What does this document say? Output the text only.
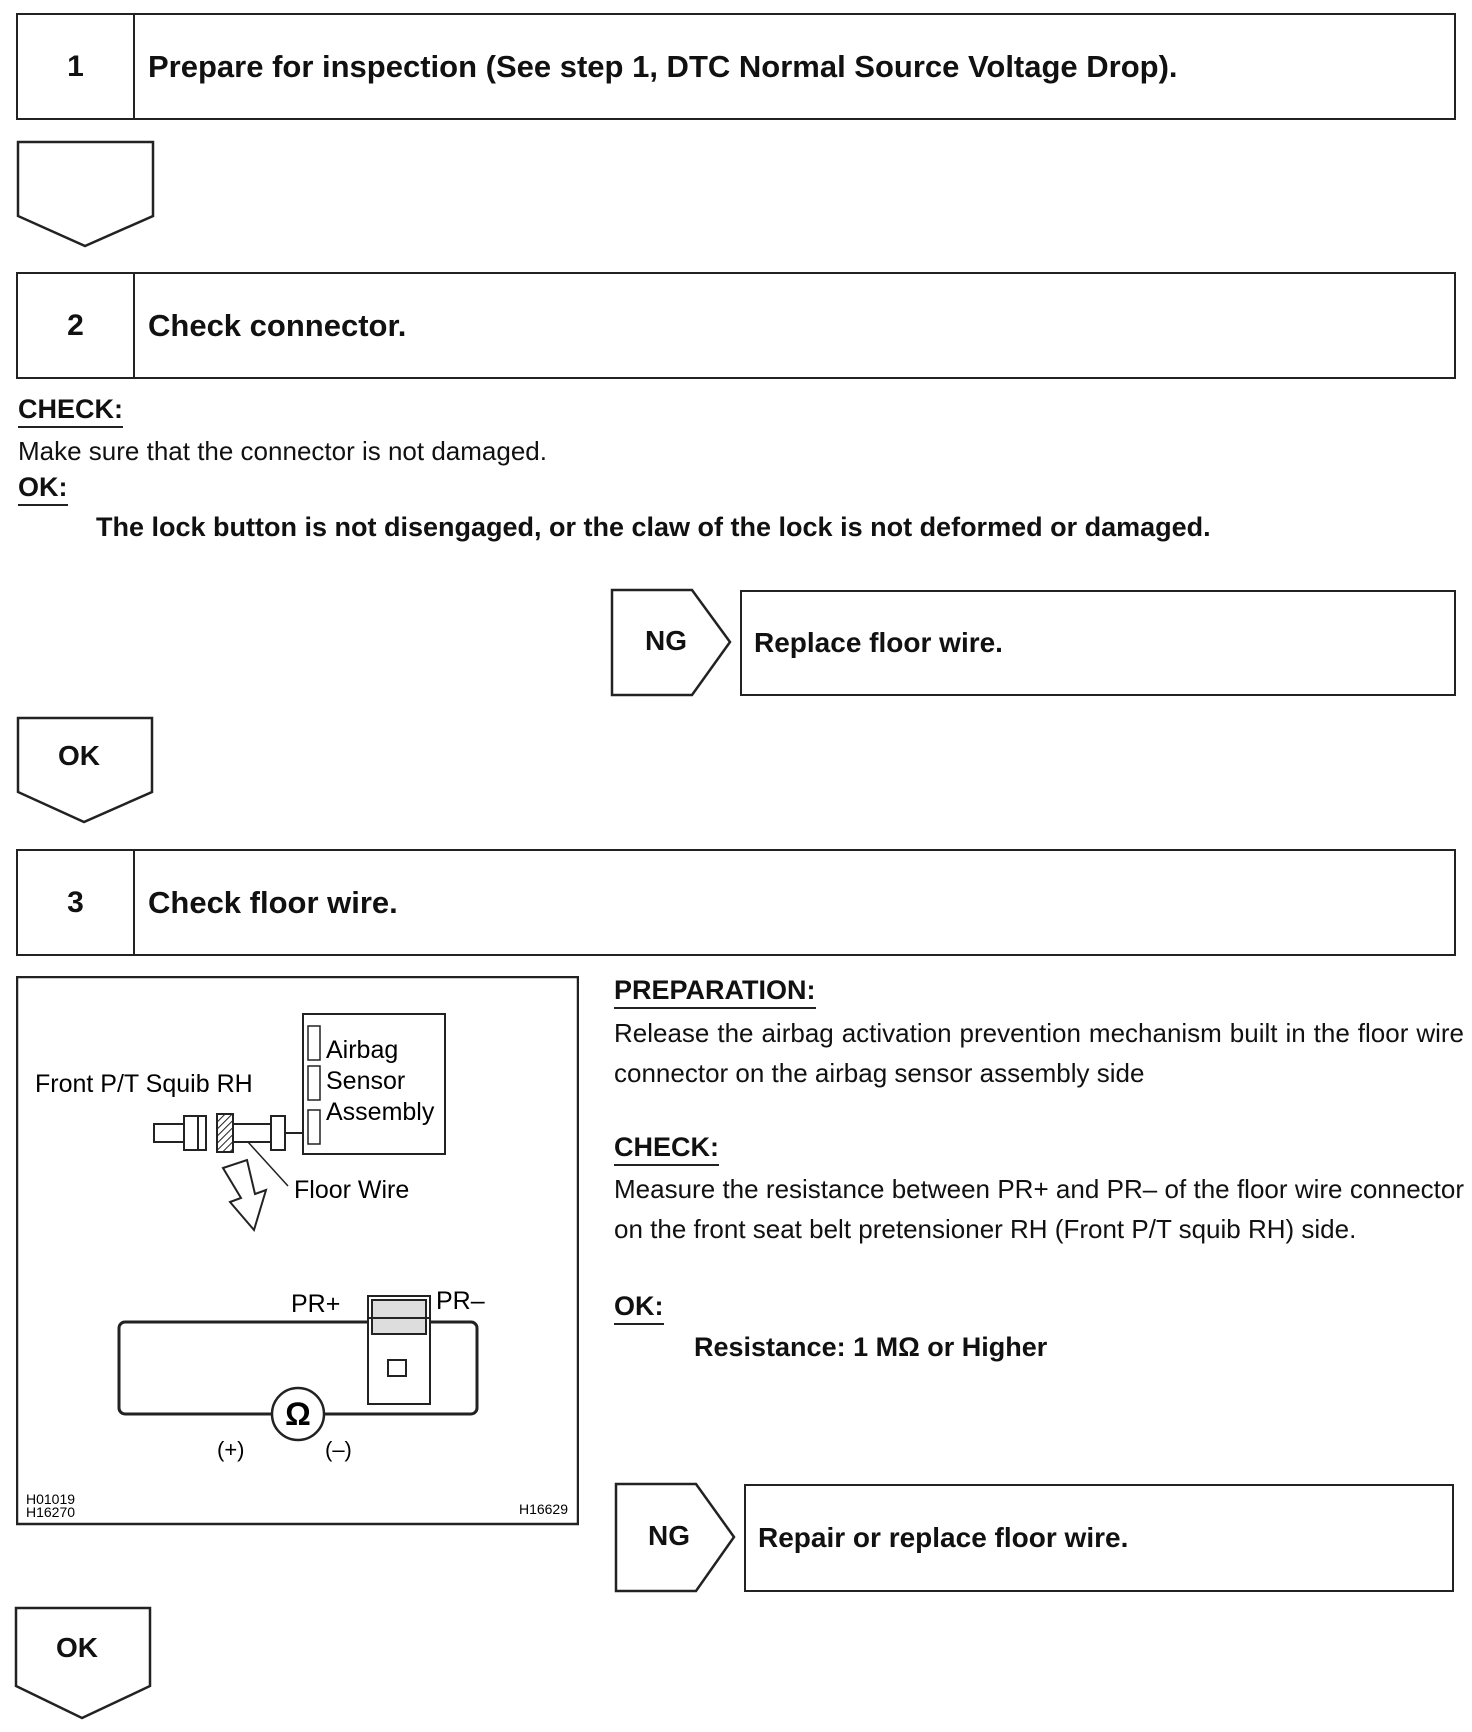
1	Prepare for inspection (See step 1, DTC Normal Source Voltage Drop).
2	Check connector.
CHECK:
Make sure that the connector is not damaged.
OK:
The lock button is not disengaged, or the claw of the lock is not deformed or damaged.
NG	Replace floor wire.
OK
3	Check floor wire.
Airbag
Sensor
Assembly
Front P/T Squib RH
Floor Wire
PR+	PR–
Ω
(+)	(–)
H01019
H16270	H16629
PREPARATION:
Release the airbag activation prevention mechanism built in the floor wire connector on the airbag sensor assembly side
CHECK:
Measure the resistance between PR+ and PR– of the floor wire connector on the front seat belt pretensioner RH (Front P/T squib RH) side.
OK:
Resistance: 1 MΩ or Higher
NG	Repair or replace floor wire.
OK
